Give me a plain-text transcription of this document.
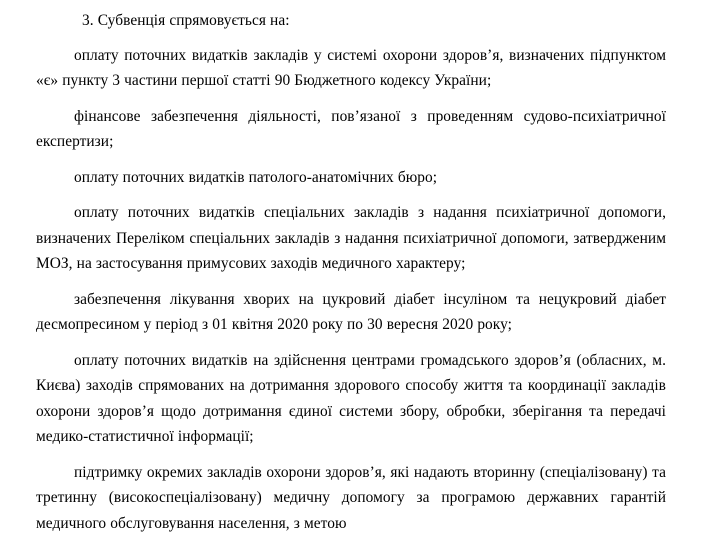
3. Субвенція спрямовується на:

оплату поточних видатків закладів у системі охорони здоров’я, визначених підпунктом «є» пункту 3 частини першої статті 90 Бюджетного кодексу України;

фінансове забезпечення діяльності, пов’язаної з проведенням судово-психіатричної експертизи;

оплату поточних видатків патолого-анатомічних бюро;

оплату поточних видатків спеціальних закладів з надання психіатричної допомоги, визначених Переліком спеціальних закладів з надання психіатричної допомоги, затвердженим МОЗ, на застосування примусових заходів медичного характеру;

забезпечення лікування хворих на цукровий діабет інсуліном та нецукровий діабет десмопресином у період з 01 квітня 2020 року по 30 вересня 2020 року;

оплату поточних видатків на здійснення центрами громадського здоров’я (обласних, м. Києва) заходів спрямованих на дотримання здорового способу життя та координації закладів охорони здоров’я щодо дотримання єдиної системи збору, обробки, зберігання та передачі медико-статистичної інформації;

підтримку окремих закладів охорони здоров’я, які надають вторинну (спеціалізовану) та третинну (високоспеціалізовану) медичну допомогу за програмою державних гарантій медичного обслуговування населення, з метою
